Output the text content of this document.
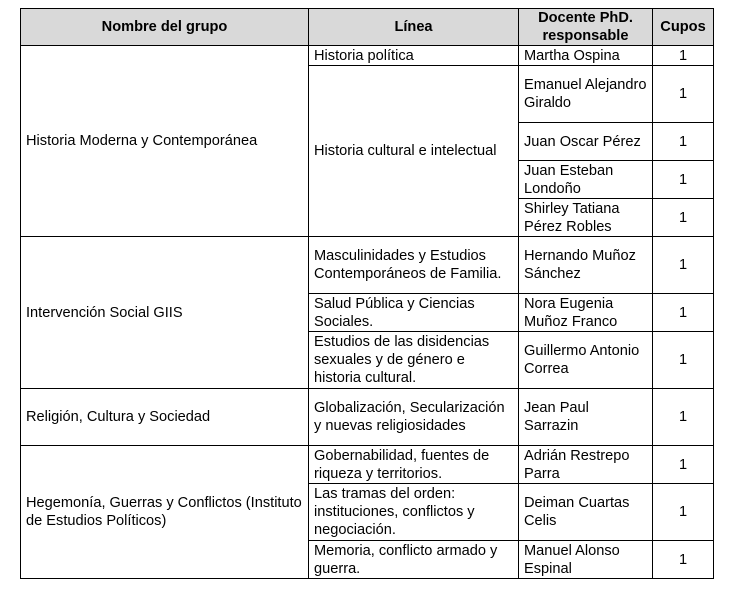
Nombre del grupo	Línea	Docente PhD. responsable	Cupos
Historia Moderna y Contemporánea	Historia política	Martha Ospina	1
	Historia cultural e intelectual	Emanuel Alejandro Giraldo	1
		Juan Oscar Pérez	1
		Juan Esteban Londoño	1
		Shirley Tatiana Pérez Robles	1
Intervención Social GIIS	Masculinidades y Estudios Contemporáneos de Familia.	Hernando Muñoz Sánchez	1
	Salud Pública y Ciencias Sociales.	Nora Eugenia Muñoz Franco	1
	Estudios de las disidencias sexuales y de género e historia cultural.	Guillermo Antonio Correa	1
Religión, Cultura y Sociedad	Globalización, Secularización y nuevas religiosidades	Jean Paul Sarrazin	1
Hegemonía, Guerras y Conflictos (Instituto de Estudios Políticos)	Gobernabilidad, fuentes de riqueza y territorios.	Adrián Restrepo Parra	1
	Las tramas del orden: instituciones, conflictos y negociación.	Deiman Cuartas Celis	1
	Memoria, conflicto armado y guerra.	Manuel Alonso Espinal	1
